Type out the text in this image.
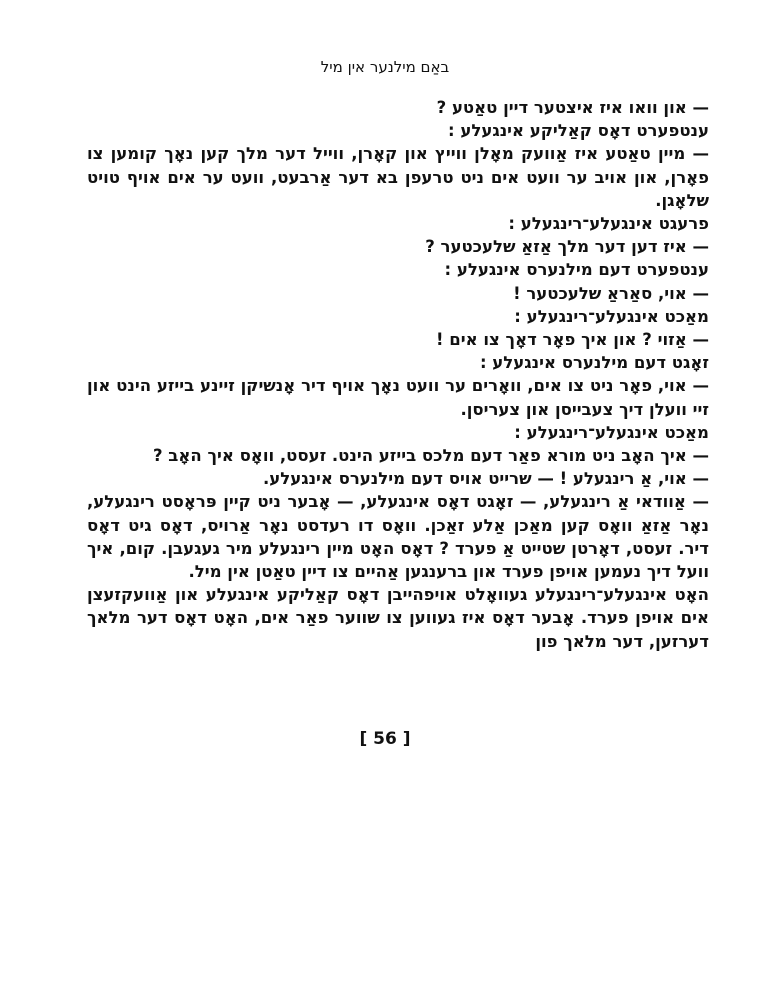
באַם מילנער אין מיל

— און וואו איז איצטער דיין טאַטע ?

ענטפערט דאָס קאַליקע אינגעלע :

— מיין טאַטע איז אַוועק מאָלן ווייץ און קאָרן, ווייל דער מלך קען נאָך קומען צו פאָרן, און אויב ער וועט אים ניט טרעפן בא דער אַרבעט, וועט ער אים אויף טויט שלאָגן.

פרעגט אינגעלע־רינגעלע :

— איז דען דער מלך אַזאַ שלעכטער ?

ענטפערט דעם מילנערס אינגעלע :

— אוי, סאַראַ שלעכטער !

מאַכט אינגעלע־רינגעלע :

— אַזוי ? און איך פאָר דאָך צו אים !

זאָגט דעם מילנערס אינגעלע :

— אוי, פאָר ניט צו אים, וואָרים ער וועט נאָך אויף דיר אָנשיקן זיינע בייזע הינט און זיי וועלן דיך צעבייסן און צעריסן.

מאַכט אינגעלע־רינגעלע :

— איך האָב ניט מורא פאַר דעם מלכס בייזע הינט. זעסט, וואָס איך האָב ?

— אוי, אַ רינגעלע ! — שרייט אויס דעם מילנערס אינגעלע.

— אַוודאי אַ רינגעלע, — זאָגט דאָס אינגעלע, — אָבער ניט קיין פּראָסט רינגעלע, נאָר אַזאַ וואָס קען מאַכן אַלע זאַכן. וואָס דו רעדסט נאָר אַרויס, דאָס גיט דאָס דיר. זעסט, דאָרטן שטייט אַ פערד ? דאָס האָט מיין רינגעלע מיר געגעבן. קום, איך וועל דיך נעמען אויפן פערד און ברענגען אַהיים צו דיין טאַטן אין מיל.

האָט אינגעלע־רינגעלע געוואָלט אויפהייבן דאָס קאַליקע אינגעלע און אַוועקזעצן אים אויפן פערד. אָבער דאָס איז געווען צו שווער פאַר אים, האָט דאָס דער מלאך דערזען, דער מלאך פון

[ 56 ]
